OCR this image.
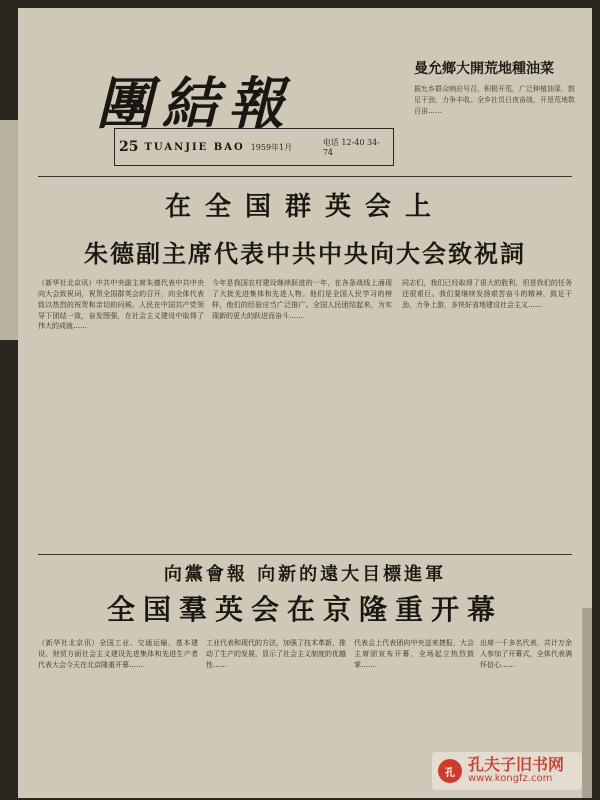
團結報
25 TUANJIE BAO 1959年1月	电话 12-40 34-74
曼允鄉大開荒地種油菜
据允乡群众响应号召，积极开荒，广泛种植油菜，鼓足干劲，力争丰收。全乡社员日夜奋战，开垦荒地数百亩……
在全国群英会上
朱德副主席代表中共中央向大会致祝詞
（新华社北京讯）中共中央副主席朱德代表中共中央向大会致祝词，祝贺全国群英会的召开，向全体代表致以热烈的祝贺和亲切的问候。人民在中国共产党领导下团结一致，奋发图强，在社会主义建设中取得了伟大的成就……
今年是我国农村建设继续跃进的一年，在各条战线上涌现了大批先进集体和先进人物。他们是全国人民学习的榜样，他们的经验应当广泛推广。全国人民团结起来，为实现新的更大的跃进而奋斗……
同志们，我们已经取得了很大的胜利，但是我们的任务还很艰巨。我们要继续发扬艰苦奋斗的精神，鼓足干劲，力争上游，多快好省地建设社会主义……
向黨會報 向新的遠大目標進軍
全国羣英会在京隆重开幕
（新华社北京讯）全国工业、交通运输、基本建设、财贸方面社会主义建设先进集体和先进生产者代表大会今天在北京隆重开幕……
工业代表和现代的方法，加强了技术革新，推动了生产的发展，显示了社会主义制度的优越性……
代表会上代表团向中央送来捷报，大会主席团宣布开幕，全场起立热烈鼓掌……
出席一千多名代表，共计万余人参加了开幕式，全体代表满怀信心……
孔 孔夫子旧书网
www.kongfz.com
